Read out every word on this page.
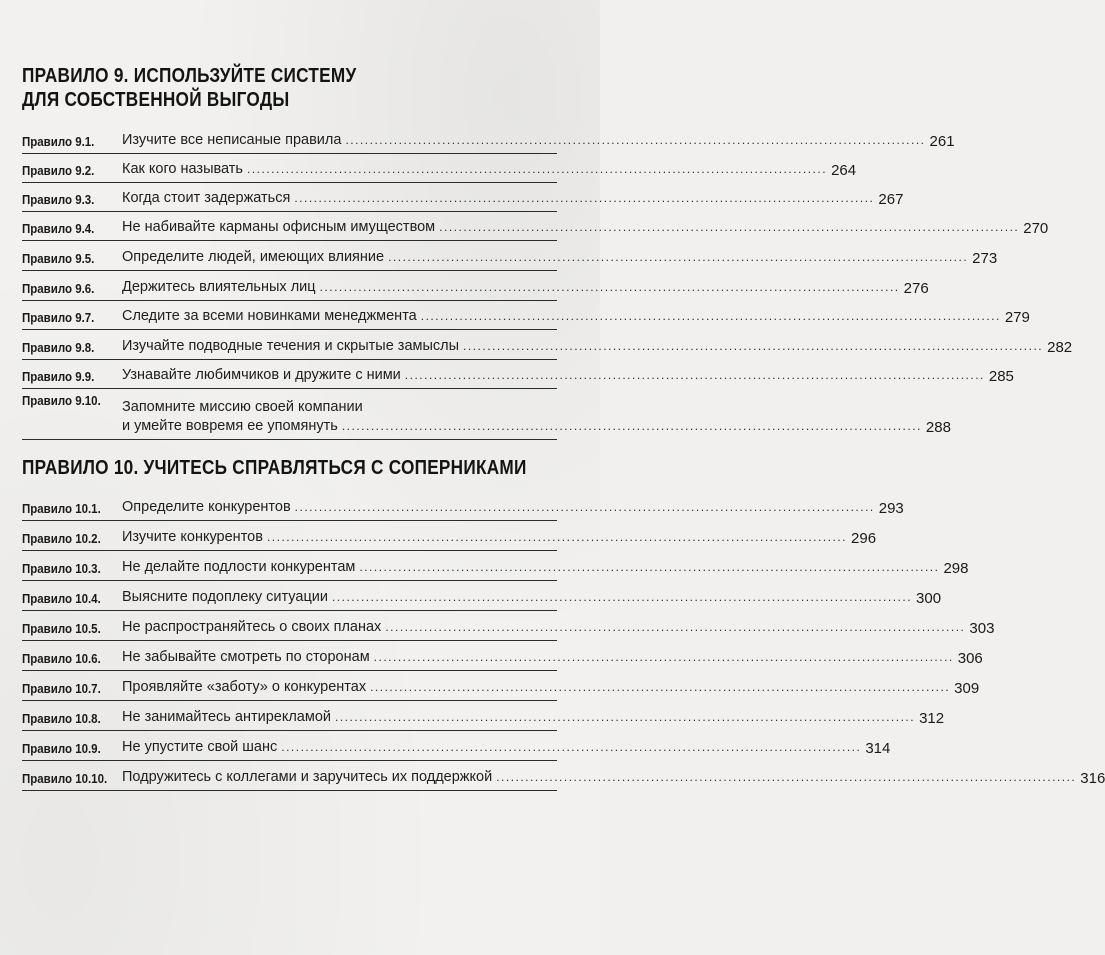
ПРАВИЛО 9. ИСПОЛЬЗУЙТЕ СИСТЕМУ
ДЛЯ СОБСТВЕННОЙ ВЫГОДЫ
Правило 9.1.	Изучите все неписаные правила ........................................................................................................................ 261
Правило 9.2.	Как кого называть ........................................................................................................................ 264
Правило 9.3.	Когда стоит задержаться ........................................................................................................................ 267
Правило 9.4.	Не набивайте карманы офисным имуществом ........................................................................................................................ 270
Правило 9.5.	Определите людей, имеющих влияние ........................................................................................................................ 273
Правило 9.6.	Держитесь влиятельных лиц ........................................................................................................................ 276
Правило 9.7.	Следите за всеми новинками менеджмента ........................................................................................................................ 279
Правило 9.8.	Изучайте подводные течения и скрытые замыслы ........................................................................................................................ 282
Правило 9.9.	Узнавайте любимчиков и дружите с ними ........................................................................................................................ 285
Правило 9.10.	Запомните миссию своей компании
и умейте вовремя ее упомянуть ........................................................................................................................ 288
ПРАВИЛО 10. УЧИТЕСЬ СПРАВЛЯТЬСЯ С СОПЕРНИКАМИ
Правило 10.1.	Определите конкурентов ........................................................................................................................ 293
Правило 10.2.	Изучите конкурентов ........................................................................................................................ 296
Правило 10.3.	Не делайте подлости конкурентам ........................................................................................................................ 298
Правило 10.4.	Выясните подоплеку ситуации ........................................................................................................................ 300
Правило 10.5.	Не распространяйтесь о своих планах ........................................................................................................................ 303
Правило 10.6.	Не забывайте смотреть по сторонам ........................................................................................................................ 306
Правило 10.7.	Проявляйте «заботу» о конкурентах ........................................................................................................................ 309
Правило 10.8.	Не занимайтесь антирекламой ........................................................................................................................ 312
Правило 10.9.	Не упустите свой шанс ........................................................................................................................ 314
Правило 10.10.	Подружитесь с коллегами и заручитесь их поддержкой ........................................................................................................................ 316
